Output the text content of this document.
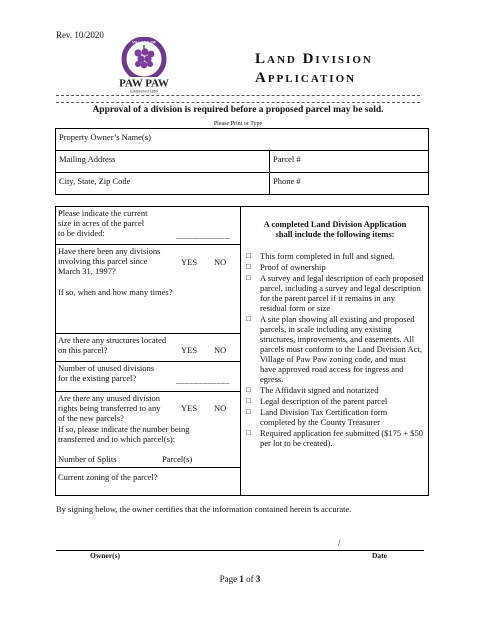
Rev. 10/2020
PAW PAW
Established 1859
VILLAGE OF
Land Division
Application
Approval of a division is required before a proposed parcel may be sold.
Please Print or Type
Property Owner’s Name(s)	
Mailing Address	Parcel #
City, State, Zip Code	Phone #
Please indicate the current
size in acres of the parcel
to be divided:	____________
Have there been any divisions
involving this parcel since
March 31, 1997?
If so, when and how many times?
YES NO
Are there any structures located
on this parcel?	YES NO
Number of unused divisions
for the existing parcel?	____________
Are there any unused division
rights being transferred to any
of the new parcels?
If so, please indicate the number being
transferred and to which parcel(s):
YES NO
Number of Splits	Parcel(s)
Current zoning of the parcel?
A completed Land Division Application
shall include the following items:
□	This form completed in full and signed.
□	Proof of ownership
□	A survey and legal description of each proposed parcel, including a survey and legal description for the parent parcel if it remains in any residual form or size
□	A site plan showing all existing and proposed parcels, in scale including any existing structures, improvements, and easements. All parcels must conform to the Land Division Act, Village of Paw Paw zoning code, and must have approved road access for ingress and egress.
□	The Affidavit signed and notarized
□	Legal description of the parent parcel
□	Land Division Tax Certification form completed by the County Treasurer
□	Required application fee submitted ($175 + $50 per lot to be created).
By signing below, the owner certifies that the information contained herein is accurate.
/
Owner(s)	Date
Page 1 of 3
